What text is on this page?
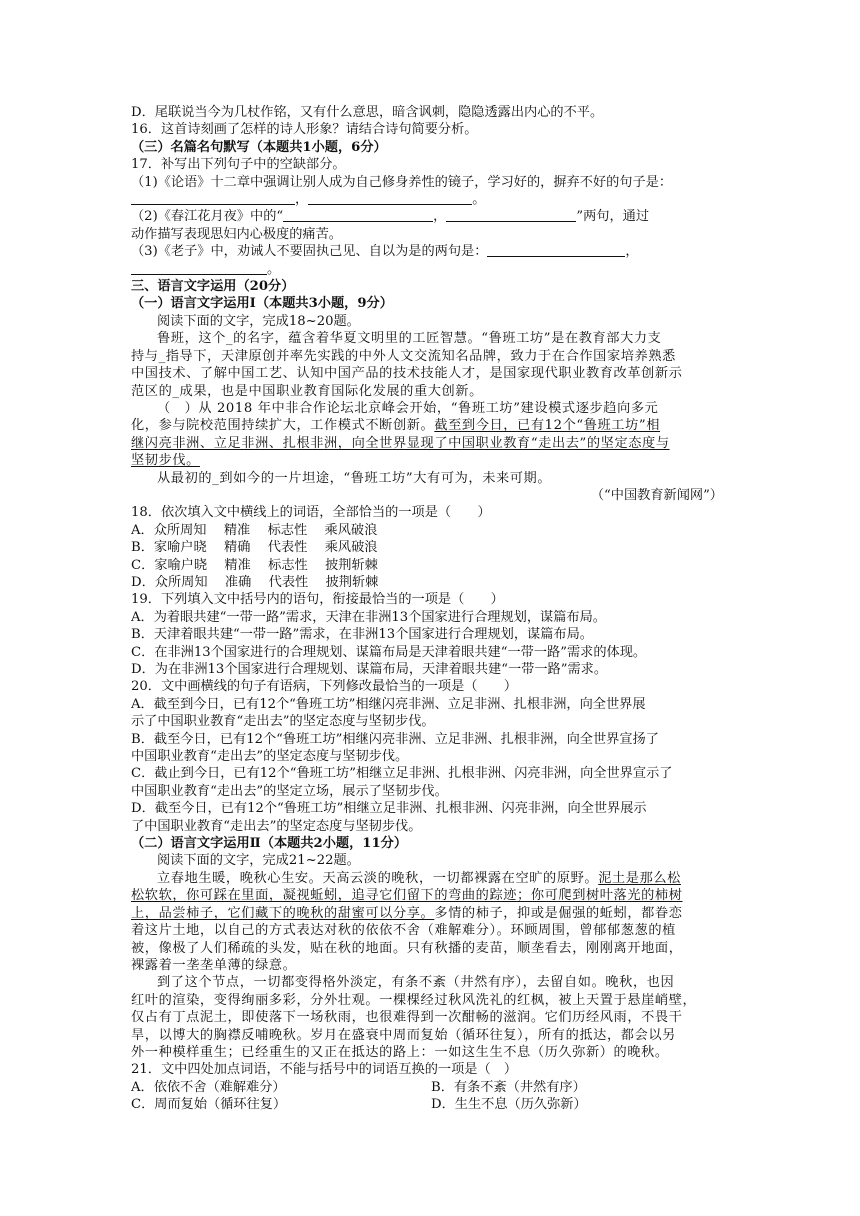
D．尾联说当今为几杖作铭，又有什么意思，暗含讽刺，隐隐透露出内心的不平。
16．这首诗刻画了怎样的诗人形象？请结合诗句简要分析。
（三）名篇名句默写（本题共1小题，6分）
17．补写出下列句子中的空缺部分。
（1)《论语》十二章中强调让别人成为自己修身养性的镜子，学习好的，摒弃不好的句子是：
，	。
（2)《春江花月夜》中的“	，	”两句，通过
动作描写表现思妇内心极度的痛苦。
（3)《老子》中，劝诫人不要固执己见、自以为是的两句是：	，
。
三、语言文字运用（20分）
（一）语言文字运用Ⅰ（本题共3小题，9分）
阅读下面的文字，完成18~20题。
鲁班，这个_的名字，蕴含着华夏文明里的工匠智慧。“鲁班工坊”是在教育部大力支
持与_指导下，天津原创并率先实践的中外人文交流知名品牌，致力于在合作国家培养熟悉
中国技术、了解中国工艺、认知中国产品的技术技能人才，是国家现代职业教育改革创新示
范区的_成果，也是中国职业教育国际化发展的重大创新。
（　）从 2018 年中非合作论坛北京峰会开始，“鲁班工坊”建设模式逐步趋向多元
化，参与院校范围持续扩大，工作模式不断创新。截至到今日，已有12个“鲁班工坊”相
继闪亮非洲、立足非洲、扎根非洲，向全世界显现了中国职业教育“走出去”的坚定态度与
坚韧步伐。
从最初的_到如今的一片坦途，“鲁班工坊”大有可为，未来可期。
（“中国教育新闻网”）
18．依次填入文中横线上的词语，全部恰当的一项是（　　）
A．众所周知　 精准　 标志性　 乘风破浪
B．家喻户晓　 精确　 代表性　 乘风破浪
C．家喻户晓　 精准　 标志性　 披荆斩棘
D．众所周知　 准确　 代表性　 披荆斩棘
19．下列填入文中括号内的语句，衔接最恰当的一项是（　　）
A．为着眼共建“一带一路”需求，天津在非洲13个国家进行合理规划，谋篇布局。
B．天津着眼共建“一带一路”需求，在非洲13个国家进行合理规划，谋篇布局。
C．在非洲13个国家进行的合理规划、谋篇布局是天津着眼共建“一带一路”需求的体现。
D．为在非洲13个国家进行合理规划、谋篇布局，天津着眼共建“一带一路”需求。
20．文中画横线的句子有语病，下列修改最恰当的一项是（　　）
A．截至到今日，已有12个“鲁班工坊”相继闪亮非洲、立足非洲、扎根非洲，向全世界展
示了中国职业教育“走出去”的坚定态度与坚韧步伐。
B．截至今日，已有12个“鲁班工坊”相继闪亮非洲、立足非洲、扎根非洲，向全世界宣扬了
中国职业教育“走出去”的坚定态度与坚韧步伐。
C．截止到今日，已有12个“鲁班工坊”相继立足非洲、扎根非洲、闪亮非洲，向全世界宣示了
中国职业教育“走出去”的坚定立场，展示了坚韧步伐。
D．截至今日，已有12个“鲁班工坊”相继立足非洲、扎根非洲、闪亮非洲，向全世界展示
了中国职业教育“走出去”的坚定态度与坚韧步伐。
（二）语言文字运用Ⅱ（本题共2小题，11分）
阅读下面的文字，完成21~22题。
立春地生暖，晚秋心生安。天高云淡的晚秋，一切都裸露在空旷的原野。泥土是那么松
松软软，你可踩在里面，凝视蚯蚓，追寻它们留下的弯曲的踪迹；你可爬到树叶落光的柿树
上，品尝柿子，它们藏下的晚秋的甜蜜可以分享。多情的柿子，抑或是倔强的蚯蚓，都眷恋
着这片土地，以自己的方式表达对秋的依依不舍（难解难分）。环顾周围，曾郁郁葱葱的植
被，像极了人们稀疏的头发，贴在秋的地面。只有秋播的麦苗，顺垄看去，刚刚离开地面，
裸露着一垄垄单薄的绿意。
到了这个节点，一切都变得格外淡定，有条不紊（井然有序），去留自如。晚秋，也因
红叶的渲染，变得绚丽多彩，分外壮观。一棵棵经过秋风洗礼的红枫，被上天置于悬崖峭壁，
仅占有丁点泥土，即使落下一场秋雨，也很难得到一次酣畅的滋润。它们历经风雨，不畏干
旱，以博大的胸襟反哺晚秋。岁月在盛衰中周而复始（循环往复），所有的抵达，都会以另
外一种模样重生；已经重生的又正在抵达的路上：一如这生生不息（历久弥新）的晚秋。
21．文中四处加点词语，不能与括号中的词语互换的一项是（　）
A．依依不舍（难解难分）	B．有条不紊（井然有序）
C．周而复始（循环往复）	D．生生不息（历久弥新）
